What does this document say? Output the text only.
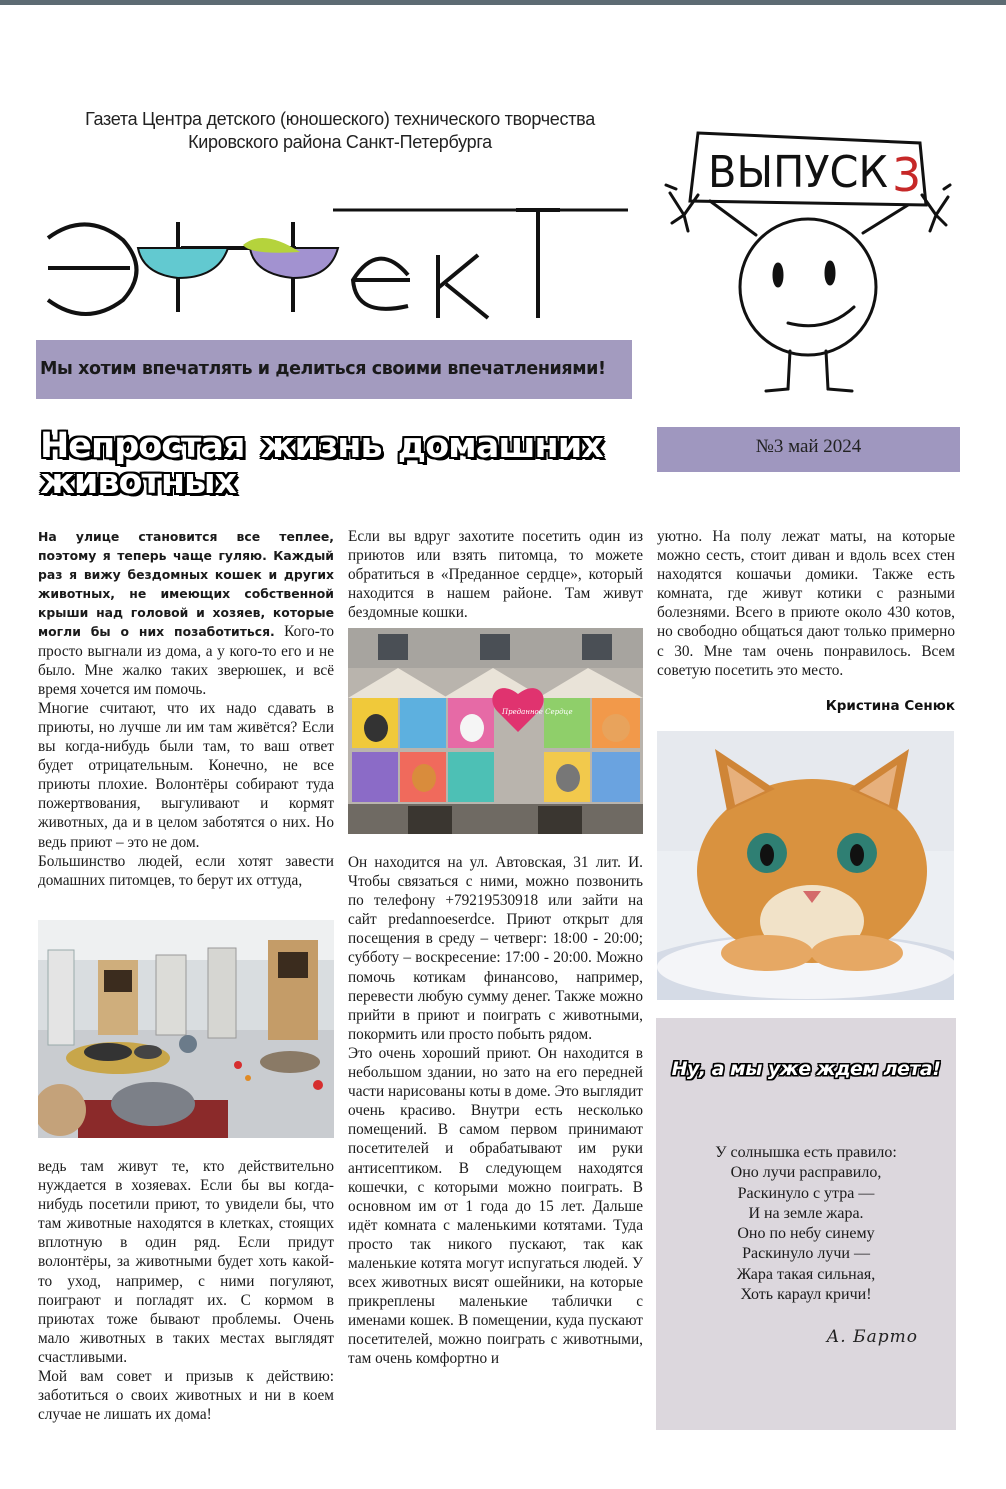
Газета Центра детского (юношеского) технического творчества
Кировского района Санкт-Петербурга
Мы хотим впечатлять и делиться своими впечатлениями!
ВЫПУСК 3
ВЫПУСК 3
№3 май 2024
Непростая жизнь домашних животных

На улице становится все теплее, поэтому я теперь чаще гуляю. Каждый раз я вижу бездомных кошек и других животных, не имеющих собственной крыши над головой и хозяев, которые могли бы о них позаботиться. Кого-то просто выгнали из дома, а у кого-то его и не было. Мне жалко таких зверюшек, и всё время хочется им помочь.

Многие считают, что их надо сдавать в приюты, но лучше ли им там живётся? Если вы когда-нибудь были там, то ваш ответ будет отрицательным. Конечно, не все приюты плохие. Волонтёры собирают туда пожертвования, выгуливают и кормят животных, да и в целом заботятся о них. Но ведь приют – это не дом.

Большинство людей, если хотят завести домашних питомцев, то берут их оттуда,

ведь там живут те, кто действительно нуждается в хозяевах. Если бы вы когда-нибудь посетили приют, то увидели бы, что там животные находятся в клетках, стоящих вплотную в один ряд. Если придут волонтёры, за животными будет хоть какой-то уход, например, с ними погуляют, поиграют и погладят их. С кормом в приютах тоже бывают проблемы. Очень мало животных в таких местах выглядят счастливыми.

Мой вам совет и призыв к действию: заботиться о своих животных и ни в коем случае не лишать их дома!

Если вы вдруг захотите посетить один из приютов или взять питомца, то можете обратиться в «Преданное сердце», который находится в нашем районе. Там живут бездомные кошки.

Преданное Сердце

Он находится на ул. Автовская, 31 лит. И. Чтобы связаться с ними, можно позвонить по телефону +79219530918 или зайти на сайт predannoeserdce. Приют открыт для посещения в среду – четверг: 18:00 - 20:00; субботу – воскресение: 17:00 - 20:00. Можно помочь котикам финансово, например, перевести любую сумму денег. Также можно прийти в приют и поиграть с животными, покормить или просто побыть рядом.

Это очень хороший приют. Он находится в небольшом здании, но зато на его передней части нарисованы коты в доме. Это выглядит очень красиво. Внутри есть несколько помещений. В самом первом принимают посетителей и обрабатывают им руки антисептиком. В следующем находятся кошечки, с которыми можно поиграть. В основном им от 1 года до 15 лет. Дальше идёт комната с маленькими котятами. Туда просто так никого пускают, так как маленькие котята могут испугаться людей. У всех животных висят ошейники, на которые прикреплены маленькие таблички с именами кошек. В помещении, куда пускают посетителей, можно поиграть с животными, там очень комфортно и

уютно. На полу лежат маты, на которые можно сесть, стоит диван и вдоль всех стен находятся кошачьи домики. Также есть комната, где живут котики с разными болезнями. Всего в приюте около 430 котов, но свободно общаться дают только примерно с 30. Мне там очень понравилось. Всем советую посетить это место.

Кристина Сенюк
Ну, а мы уже ждем лета!
У солнышка есть правило:
Оно лучи расправило,
Раскинуло с утра —
И на земле жара.
Оно по небу синему
Раскинуло лучи —
Жара такая сильная,
Хоть караул кричи!
А. Барто
